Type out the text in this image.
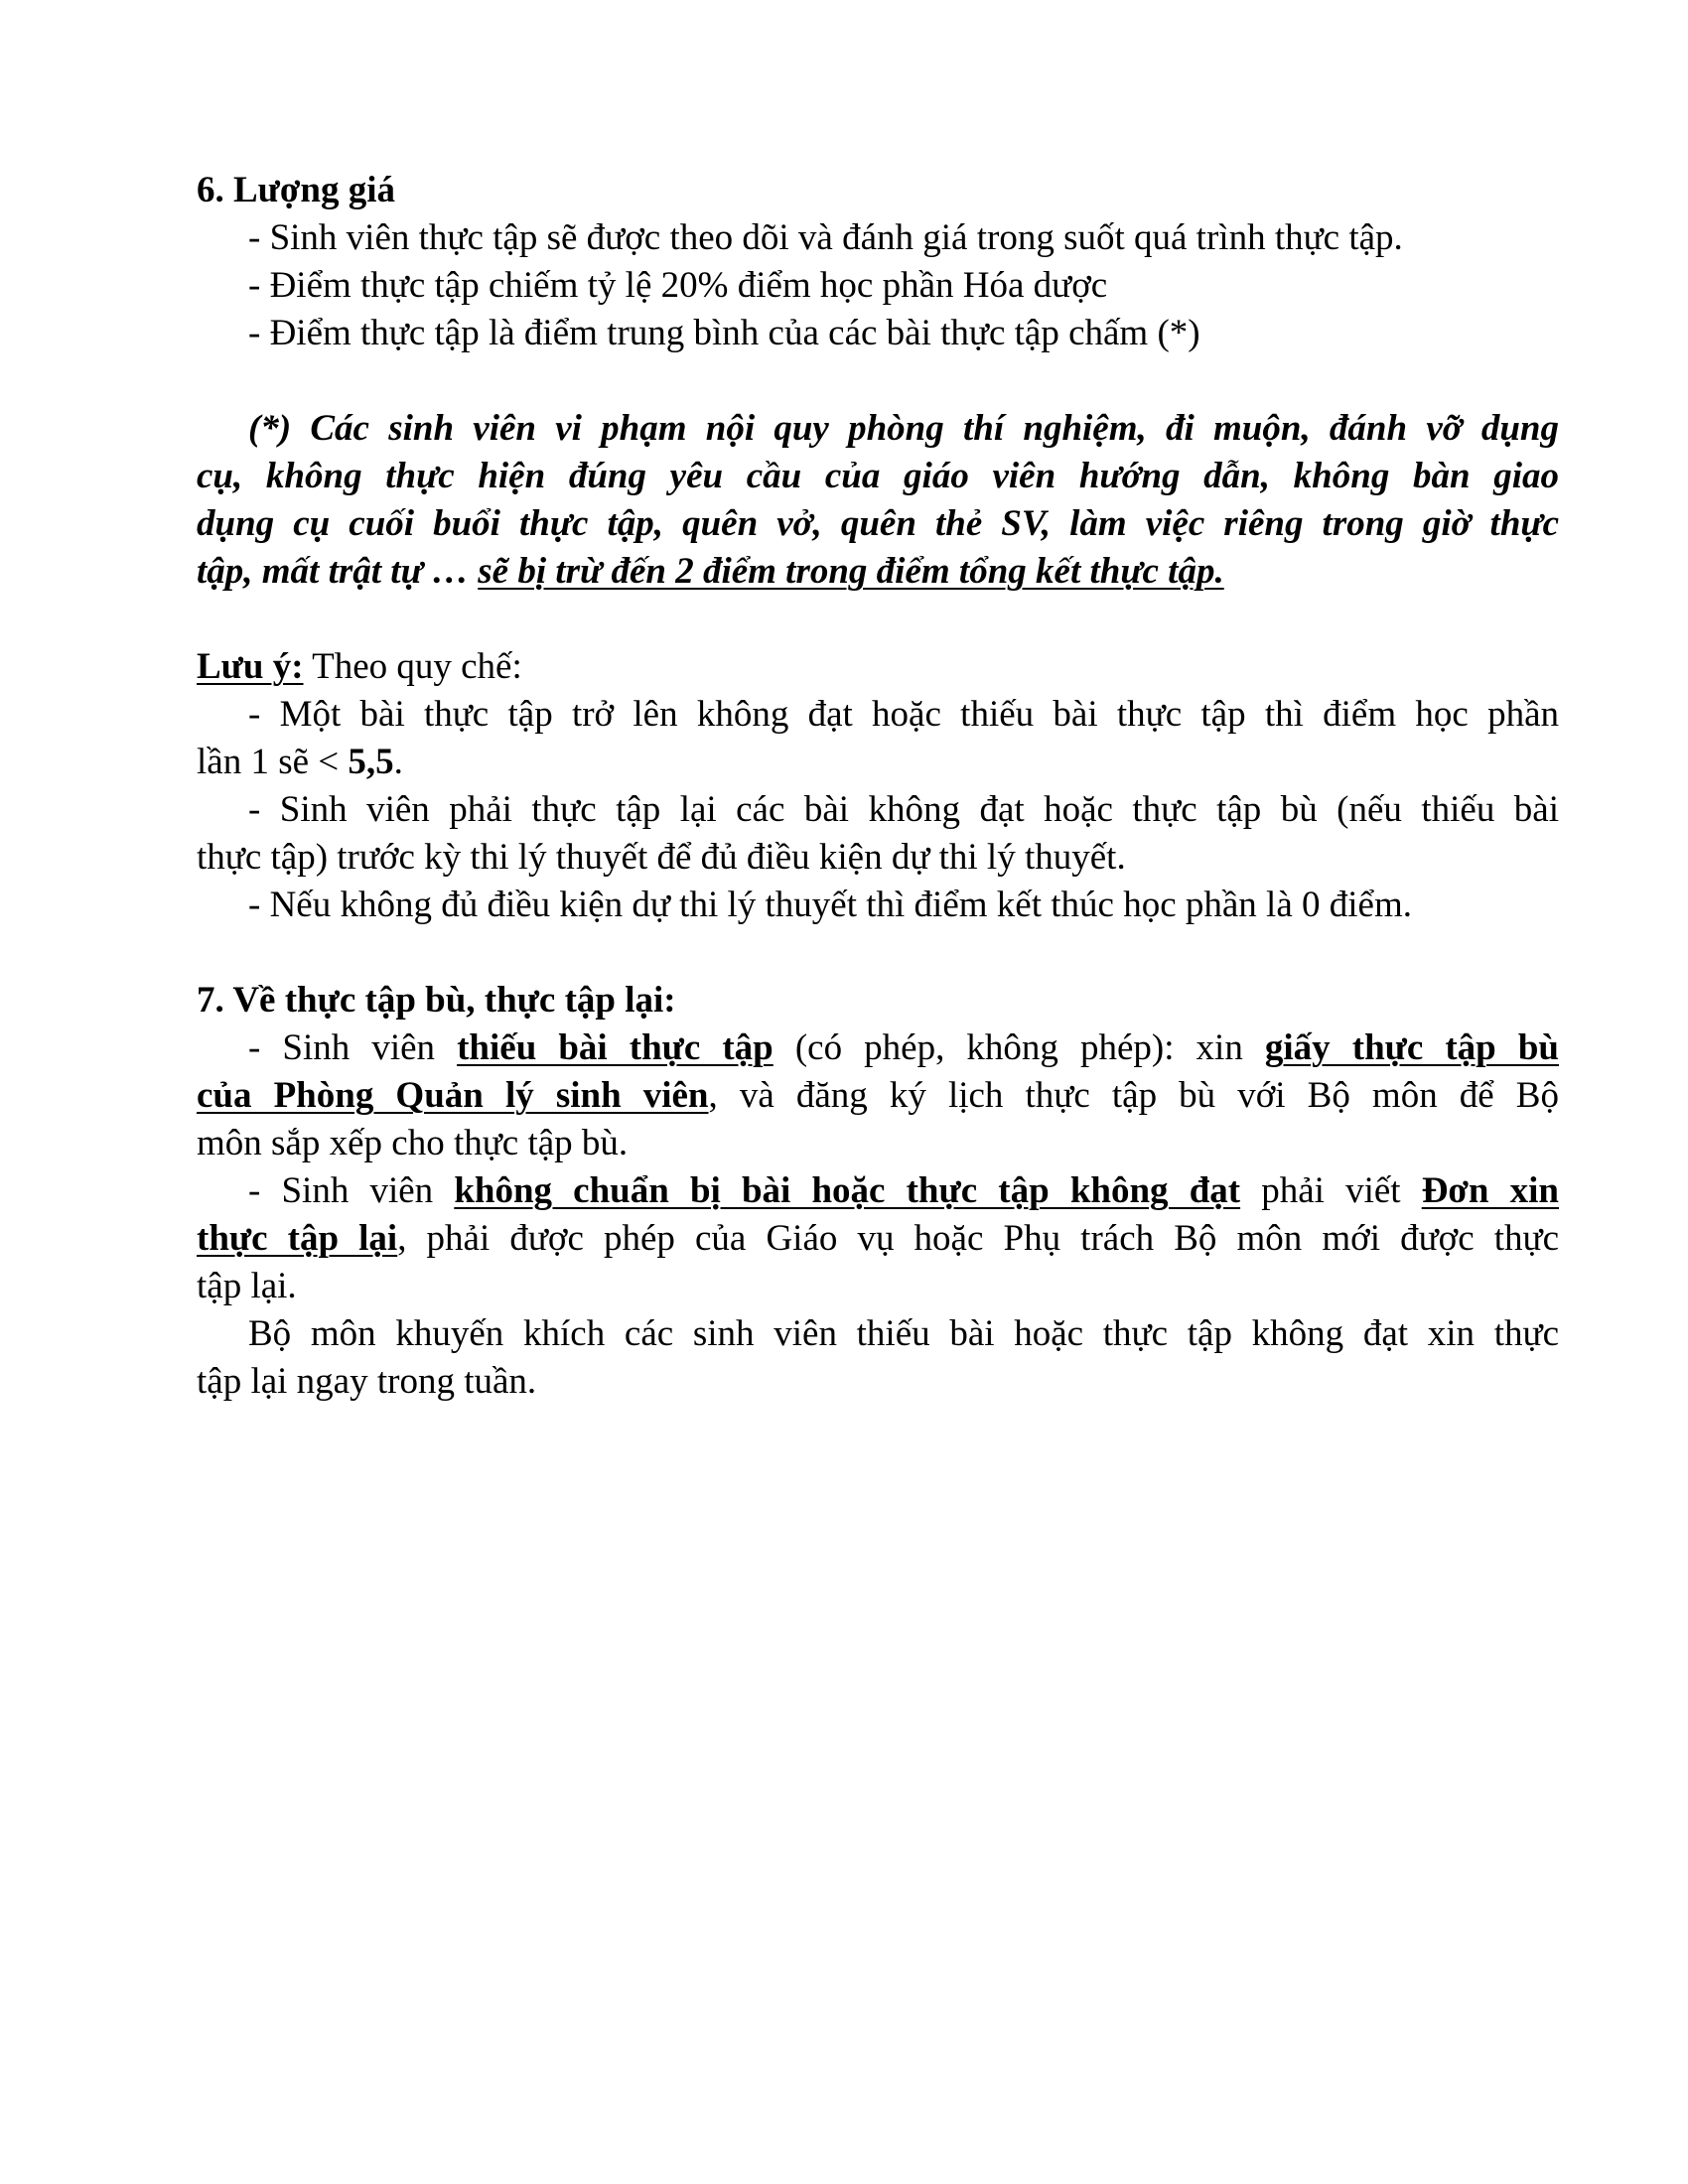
6. Lượng giá
- Sinh viên thực tập sẽ được theo dõi và đánh giá trong suốt quá trình thực tập.
- Điểm thực tập chiếm tỷ lệ 20% điểm học phần Hóa dược
- Điểm thực tập là điểm trung bình của các bài thực tập chấm (*)
(*) Các sinh viên vi phạm nội quy phòng thí nghiệm, đi muộn, đánh vỡ dụng
cụ, không thực hiện đúng yêu cầu của giáo viên hướng dẫn, không bàn giao
dụng cụ cuối buổi thực tập, quên vở, quên thẻ SV, làm việc riêng trong giờ thực
tập, mất trật tự … sẽ bị trừ đến 2 điểm trong điểm tổng kết thực tập.
Lưu ý: Theo quy chế:
- Một bài thực tập trở lên không đạt hoặc thiếu bài thực tập thì điểm học phần
lần 1 sẽ < 5,5.
- Sinh viên phải thực tập lại các bài không đạt hoặc thực tập bù (nếu thiếu bài
thực tập) trước kỳ thi lý thuyết để đủ điều kiện dự thi lý thuyết.
- Nếu không đủ điều kiện dự thi lý thuyết thì điểm kết thúc học phần là 0 điểm.
7. Về thực tập bù, thực tập lại:
- Sinh viên thiếu bài thực tập (có phép, không phép): xin giấy thực tập bù
của Phòng Quản lý sinh viên, và đăng ký lịch thực tập bù với Bộ môn để Bộ
môn sắp xếp cho thực tập bù.
- Sinh viên không chuẩn bị bài hoặc thực tập không đạt phải viết Đơn xin
thực tập lại, phải được phép của Giáo vụ hoặc Phụ trách Bộ môn mới được thực
tập lại.
Bộ môn khuyến khích các sinh viên thiếu bài hoặc thực tập không đạt xin thực
tập lại ngay trong tuần.
